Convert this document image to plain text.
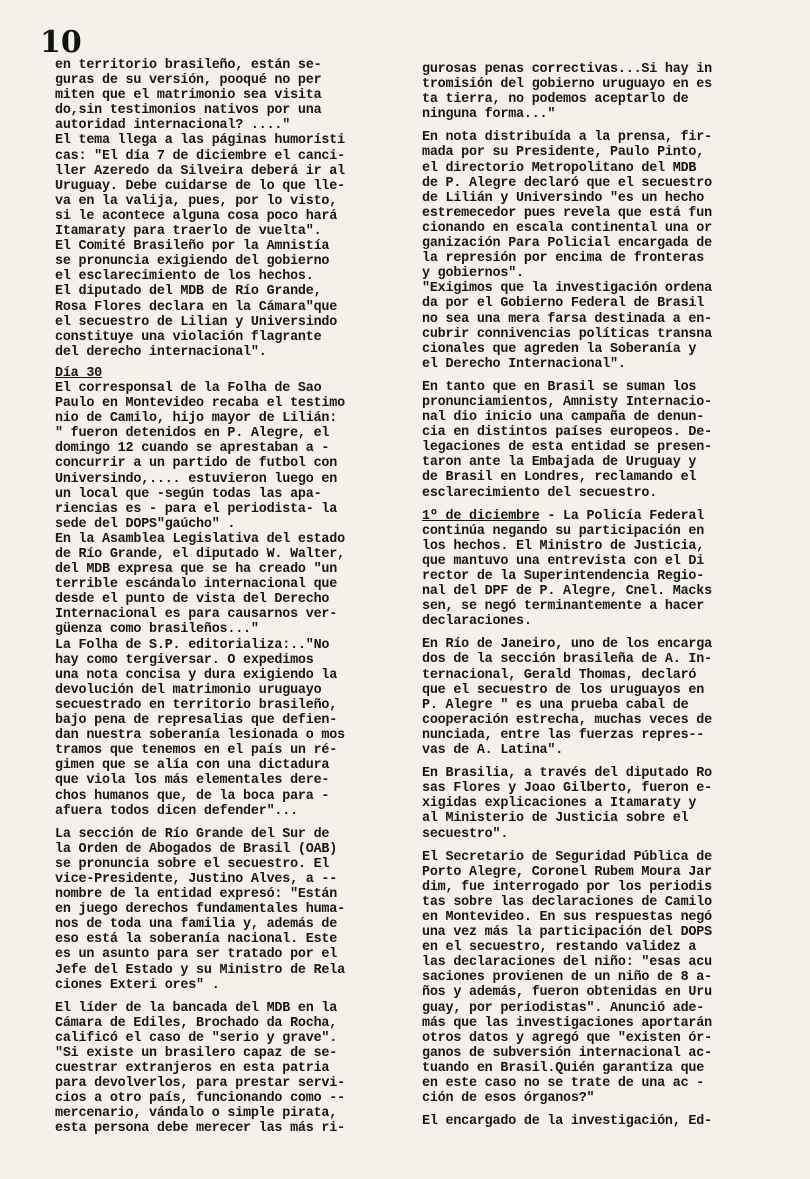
10

en territorio brasileño, están se-
guras de su versión, pooqué no per
miten que el matrimonio sea visita
do,sin testimonios nativos por una
autoridad internacional? ...."
El tema llega a las páginas humorísti
cas: "El día 7 de diciembre el canci-
ller Azeredo da Silveira deberá ir al
Uruguay. Debe cuidarse de lo que lle-
va en la valija, pues, por lo visto,
si le acontece alguna cosa poco hará
Itamaraty para traerlo de vuelta".
El Comité Brasileño por la Amnistía
se pronuncia exigiendo del gobierno
el esclarecimiento de los hechos.
El diputado del MDB de Río Grande,
Rosa Flores declara en la Cámara"que
el secuestro de Lilian y Universindo
constituye una violación flagrante
del derecho internacional".

Día 30

El corresponsal de la Folha de Sao
Paulo en Montevideo recaba el testimo
nio de Camilo, hijo mayor de Lilián:
" fueron detenidos en P. Alegre, el
domingo 12 cuando se aprestaban a -
concurrir a un partido de futbol con
Universindo,.... estuvieron luego en
un local que -según todas las apa-
riencias es - para el periodista- la
sede del DOPS"gaúcho" .
En la Asamblea Legislativa del estado
de Río Grande, el diputado W. Walter,
del MDB expresa que se ha creado "un
terrible escándalo internacional que
desde el punto de vista del Derecho
Internacional es para causarnos ver-
güenza como brasileños..."
La Folha de S.P. editorializa:.."No
hay como tergiversar. O expedimos
una nota concisa y dura exigiendo la
devolución del matrimonio uruguayo
secuestrado en territorio brasileño,
bajo pena de represalias que defien-
dan nuestra soberanía lesionada o mos
tramos que tenemos en el país un ré-
gimen que se alía con una dictadura
que viola los más elementales dere-
chos humanos que, de la boca para -
afuera todos dicen defender"...

La sección de Río Grande del Sur de
la Orden de Abogados de Brasil (OAB)
se pronuncia sobre el secuestro. El
vice-Presidente, Justino Alves, a --
nombre de la entidad expresó: "Están
en juego derechos fundamentales huma-
nos de toda una familia y, además de
eso está la soberanía nacional. Este
es un asunto para ser tratado por el
Jefe del Estado y su Ministro de Rela
ciones Exteri ores" .

El líder de la bancada del MDB en la
Cámara de Ediles, Brochado da Rocha,
calificó el caso de "serio y grave".
"Si existe un brasilero capaz de se-
cuestrar extranjeros en esta patria
para devolverlos, para prestar servi-
cios a otro país, funcionando como --
mercenario, vándalo o simple pirata,
esta persona debe merecer las más ri-

gurosas penas correctivas...Si hay in
tromisión del gobierno uruguayo en es
ta tierra, no podemos aceptarlo de
ninguna forma..."

En nota distribuída a la prensa, fir-
mada por su Presidente, Paulo Pinto,
el directorio Metropolitano del MDB
de P. Alegre declaró que el secuestro
de Lilián y Universindo "es un hecho
estremecedor pues revela que está fun
cionando en escala continental una or
ganización Para Policial encargada de
la represión por encima de fronteras
y gobiernos".
"Exigimos que la investigación ordena
da por el Gobierno Federal de Brasil
no sea una mera farsa destinada a en-
cubrir connivencias políticas transna
cionales que agreden la Soberanía y
el Derecho Internacional".

En tanto que en Brasil se suman los
pronunciamientos, Amnisty Internacio-
nal dio inicio una campaña de denun-
cia en distintos países europeos. De-
legaciones de esta entidad se presen-
taron ante la Embajada de Uruguay y
de Brasil en Londres, reclamando el
esclarecimiento del secuestro.

1º de diciembre - La Policía Federal
continúa negando su participación en
los hechos. El Ministro de Justicia,
que mantuvo una entrevista con el Di
rector de la Superintendencia Regio-
nal del DPF de P. Alegre, Cnel. Macks
sen, se negó terminantemente a hacer
declaraciones.

En Río de Janeiro, uno de los encarga
dos de la sección brasileña de A. In-
ternacional, Gerald Thomas, declaró
que el secuestro de los uruguayos en
P. Alegre " es una prueba cabal de
cooperación estrecha, muchas veces de
nunciada, entre las fuerzas repres--
vas de A. Latina".

En Brasilia, a través del diputado Ro
sas Flores y Joao Gilberto, fueron e-
xigidas explicaciones a Itamaraty y
al Ministerio de Justicia sobre el
secuestro".

El Secretario de Seguridad Pública de
Porto Alegre, Coronel Rubem Moura Jar
dim, fue interrogado por los periodis
tas sobre las declaraciones de Camilo
en Montevideo. En sus respuestas negó
una vez más la participación del DOPS
en el secuestro, restando validez a
las declaraciones del niño: "esas acu
saciones provienen de un niño de 8 a-
ños y además, fueron obtenidas en Uru
guay, por periodistas". Anunció ade-
más que las investigaciones aportarán
otros datos y agregó que "existen ór-
ganos de subversión internacional ac-
tuando en Brasil.Quién garantiza que
en este caso no se trate de una ac -
ción de esos órganos?"

El encargado de la investigación, Ed-
